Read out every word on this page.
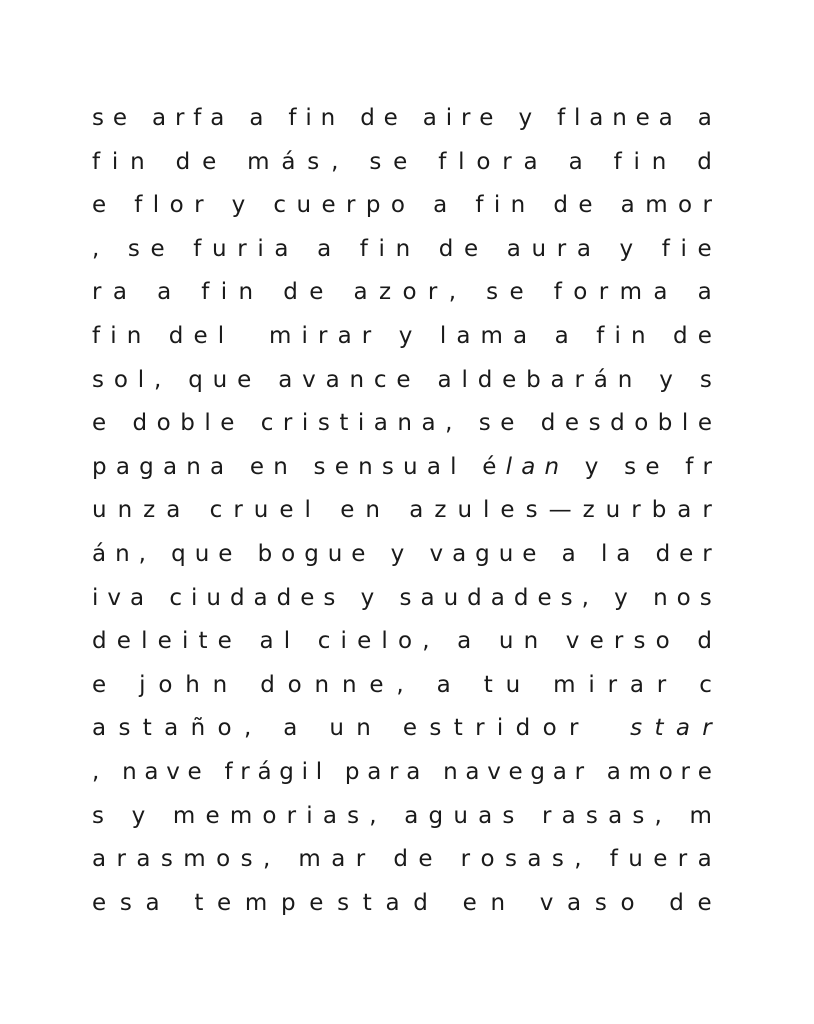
s e
a r f a
a
f i n
d e
a i r e
y
f l a n e a
a
f i n
d e
m á s ,
s e
f l o r a
a
f i n
d
e
f l o r
y
c u e r p o
a
f i n
d e
a m o r
,
s e
f u r i a
a
f i n
d e
a u r a
y
f i e
r a
a
f i n
d e
a z o r ,
s e
f o r m a
a
f i n
d e l

m i r a r
y
l a m a
a
f i n
d e
s o l ,
q u e
a v a n c e
a l d e b a r á n
y
s
e
d o b l e
c r i s t i a n a ,
s e
d e s d o b l e
p a g a n a
e n
s e n s u a l
é l a n
y
s e
f r
u n z a
c r u e l
e n
a z u l e s — z u r b a r
á n ,
q u e
b o g u e
y
v a g u e
a
l a
d e r
i v a
c i u d a d e s
y
s a u d a d e s ,
y
n o s
d e l e i t e
a l
c i e l o ,
a
u n
v e r s o
d
e
j o h n
d o n n e ,
a
t u
m i r a r
c
a s t a ñ o ,
a
u n
e s t r i d o r

s t a r
,
n a v e
f r á g i l
p a r a
n a v e g a r
a m o r e
s
y
m e m o r i a s ,
a g u a s
r a s a s ,
m
a r a s m o s ,
m a r
d e
r o s a s ,
f u e r a
e s a
t e m p e s t a d
e n
v a s o
d e
